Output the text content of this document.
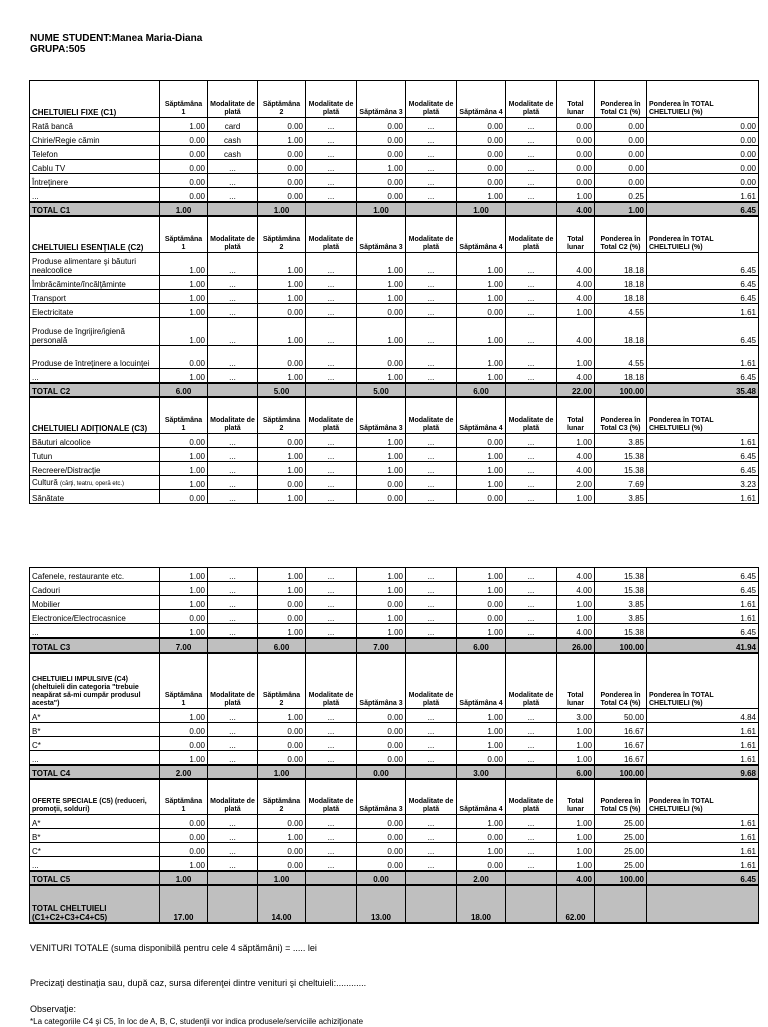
NUME STUDENT:Manea Maria-Diana
GRUPA:505
CHELTUIELI FIXE (C1)	Săptămâna 1	Modalitate de plată	Săptămâna 2	Modalitate de plată	Săptămâna 3	Modalitate de plată	Săptămâna 4	Modalitate de plată	Total lunar	Ponderea în Total C1 (%)	Ponderea în TOTAL CHELTUIELI (%)
Rată bancă	1.00	card	0.00	...	0.00	...	0.00	...	0.00	0.00	0.00
Chirie/Regie cămin	0.00	cash	1.00	...	0.00	...	0.00	...	0.00	0.00	0.00
Telefon	0.00	cash	0.00	...	0.00	...	0.00	...	0.00	0.00	0.00
Cablu TV	0.00	...	0.00	...	1.00	...	0.00	...	0.00	0.00	0.00
Întreţinere	0.00	...	0.00	...	0.00	...	0.00	...	0.00	0.00	0.00
...	0.00	...	0.00	...	0.00	...	1.00	...	1.00	0.25	1.61
TOTAL C1	1.00		1.00		1.00		1.00		4.00	1.00	6.45
CHELTUIELI ESENŢIALE (C2)	Săptămâna 1	Modalitate de plată	Săptămâna 2	Modalitate de plată	Săptămâna 3	Modalitate de plată	Săptămâna 4	Modalitate de plată	Total lunar	Ponderea în Total C2 (%)	Ponderea în TOTAL CHELTUIELI (%)
Produse alimentare şi băuturi nealcoolice	1.00	...	1.00	...	1.00	...	1.00	...	4.00	18.18	6.45
Îmbrăcăminte/încălţăminte	1.00	...	1.00	...	1.00	...	1.00	...	4.00	18.18	6.45
Transport	1.00	...	1.00	...	1.00	...	1.00	...	4.00	18.18	6.45
Electricitate	1.00	...	0.00	...	0.00	...	0.00	...	1.00	4.55	1.61
Produse de îngrijire/igienă personală	1.00	...	1.00	...	1.00	...	1.00	...	4.00	18.18	6.45
Produse de întreţinere a locuinţei	0.00	...	0.00	...	0.00	...	1.00	...	1.00	4.55	1.61
...	1.00	...	1.00	...	1.00	...	1.00	...	4.00	18.18	6.45
TOTAL C2	6.00		5.00		5.00		6.00		22.00	100.00	35.48
CHELTUIELI ADIŢIONALE (C3)	Săptămâna 1	Modalitate de plată	Săptămâna 2	Modalitate de plată	Săptămâna 3	Modalitate de plată	Săptămâna 4	Modalitate de plată	Total lunar	Ponderea în Total C3 (%)	Ponderea în TOTAL CHELTUIELI (%)
Băuturi alcoolice	0.00	...	0.00	...	1.00	...	0.00	...	1.00	3.85	1.61
Tutun	1.00	...	1.00	...	1.00	...	1.00	...	4.00	15.38	6.45
Recreere/Distracţie	1.00	...	1.00	...	1.00	...	1.00	...	4.00	15.38	6.45
Cultură (cărţi, teatru, operă etc.)	1.00	...	0.00	...	0.00	...	1.00	...	2.00	7.69	3.23
Sănătate	0.00	...	1.00	...	0.00	...	0.00	...	1.00	3.85	1.61
Cafenele, restaurante etc.	1.00	...	1.00	...	1.00	...	1.00	...	4.00	15.38	6.45
Cadouri	1.00	...	1.00	...	1.00	...	1.00	...	4.00	15.38	6.45
Mobilier	1.00	...	0.00	...	0.00	...	0.00	...	1.00	3.85	1.61
Electronice/Electrocasnice	0.00	...	0.00	...	1.00	...	0.00	...	1.00	3.85	1.61
...	1.00	...	1.00	...	1.00	...	1.00	...	4.00	15.38	6.45
TOTAL C3	7.00		6.00		7.00		6.00		26.00	100.00	41.94
CHELTUIELI IMPULSIVE (C4) (cheltuieli din categoria "trebuie neapărat să-mi cumpăr produsul acesta")	Săptămâna 1	Modalitate de plată	Săptămâna 2	Modalitate de plată	Săptămâna 3	Modalitate de plată	Săptămâna 4	Modalitate de plată	Total lunar	Ponderea în Total C4 (%)	Ponderea în TOTAL CHELTUIELI (%)
A*	1.00	...	1.00	...	0.00	...	1.00	...	3.00	50.00	4.84
B*	0.00	...	0.00	...	0.00	...	1.00	...	1.00	16.67	1.61
C*	0.00	...	0.00	...	0.00	...	1.00	...	1.00	16.67	1.61
...	1.00	...	0.00	...	0.00	...	0.00	...	1.00	16.67	1.61
TOTAL C4	2.00		1.00		0.00		3.00		6.00	100.00	9.68
OFERTE SPECIALE (C5) (reduceri, promoţii, solduri)	Săptămâna 1	Modalitate de plată	Săptămâna 2	Modalitate de plată	Săptămâna 3	Modalitate de plată	Săptămâna 4	Modalitate de plată	Total lunar	Ponderea în Total C5 (%)	Ponderea în TOTAL CHELTUIELI (%)
A*	0.00	...	0.00	...	0.00	...	1.00	...	1.00	25.00	1.61
B*	0.00	...	1.00	...	0.00	...	0.00	...	1.00	25.00	1.61
C*	0.00	...	0.00	...	0.00	...	1.00	...	1.00	25.00	1.61
...	1.00	...	0.00	...	0.00	...	0.00	...	1.00	25.00	1.61
TOTAL C5	1.00		1.00		0.00		2.00		4.00	100.00	6.45
TOTAL CHELTUIELI (C1+C2+C3+C4+C5)	17.00		14.00		13.00		18.00		62.00		
VENITURI TOTALE (suma disponibilă pentru cele 4 săptămâni) = ..... lei
Precizaţi destinaţia sau, după caz, sursa diferenţei dintre venituri şi cheltuieli:............
Observaţie:
*La categoriile C4 şi C5, în loc de A, B, C, studenţii vor indica produsele/serviciile achiziţionate
